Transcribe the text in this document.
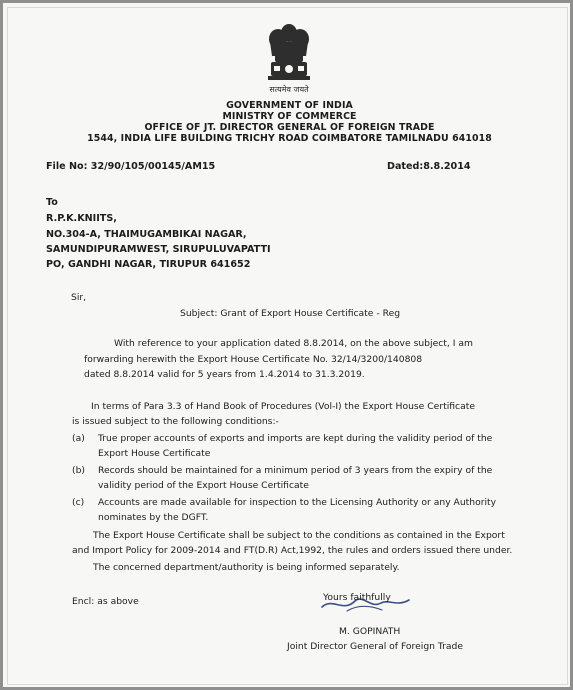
सत्यमेव जयते
GOVERNMENT OF INDIA
MINISTRY OF COMMERCE
OFFICE OF JT. DIRECTOR GENERAL OF FOREIGN TRADE
1544, INDIA LIFE BUILDING TRICHY ROAD COIMBATORE TAMILNADU 641018
File No: 32/90/105/00145/AM15	Dated:8.8.2014
To
R.P.K.KNIITS,
NO.304-A, THAIMUGAMBIKAI NAGAR,
SAMUNDIPURAMWEST, SIRUPULUVAPATTI
PO, GANDHI NAGAR, TIRUPUR 641652
Sir,
Subject: Grant of Export House Certificate - Reg
With reference to your application dated 8.8.2014, on the above subject, I am
forwarding herewith the Export House Certificate No. 32/14/3200/140808
dated 8.8.2014 valid for 5 years from 1.4.2014 to 31.3.2019.
In terms of Para 3.3 of Hand Book of Procedures (Vol-I) the Export House Certificate
is issued subject to the following conditions:-
(a) True proper accounts of exports and imports are kept during the validity period of the
Export House Certificate
(b) Records should be maintained for a minimum period of 3 years from the expiry of the
validity period of the Export House Certificate
(c) Accounts are made available for inspection to the Licensing Authority or any Authority
nominates by the DGFT.
The Export House Certificate shall be subject to the conditions as contained in the Export
and Import Policy for 2009-2014 and FT(D.R) Act,1992, the rules and orders issued there under.
The concerned department/authority is being informed separately.
Encl: as above	Yours faithfully
M. GOPINATH
Joint Director General of Foreign Trade
